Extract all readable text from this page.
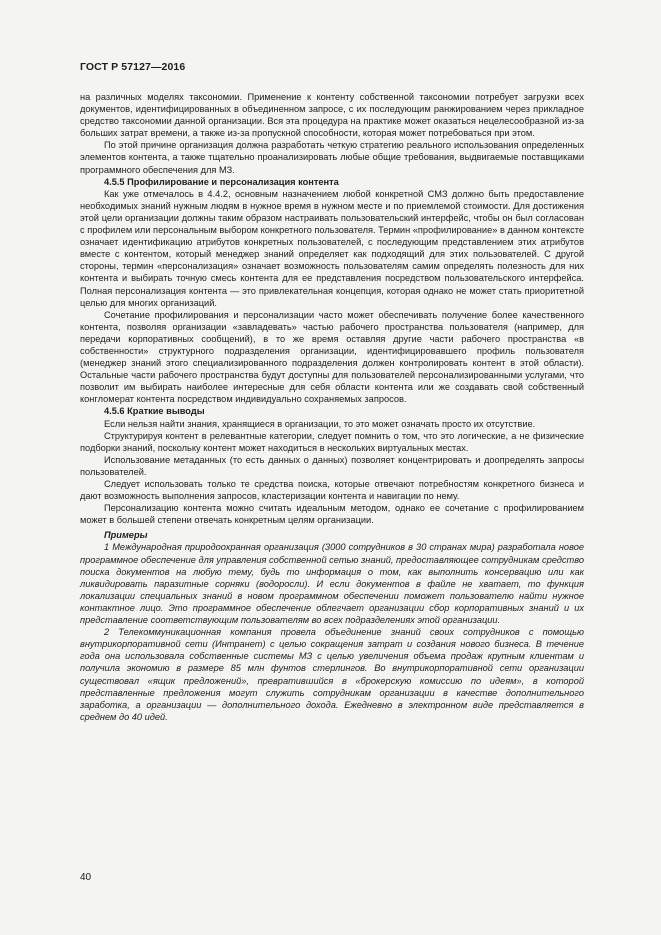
ГОСТ Р 57127—2016

на различных моделях таксономии. Применение к контенту собственной таксономии потребует загрузки всех документов, идентифицированных в объединенном запросе, с их последующим ранжированием через прикладное средство таксономии данной организации. Вся эта процедура на практике может оказаться нецелесообразной из-за больших затрат времени, а также из-за пропускной способности, которая может потребоваться при этом.

По этой причине организация должна разработать четкую стратегию реального использования определенных элементов контента, а также тщательно проанализировать любые общие требования, выдвигаемые поставщиками программного обеспечения для МЗ.

4.5.5 Профилирование и персонализация контента

Как уже отмечалось в 4.4.2, основным назначением любой конкретной СМЗ должно быть предоставление необходимых знаний нужным людям в нужное время в нужном месте и по приемлемой стоимости. Для достижения этой цели организации должны таким образом настраивать пользовательский интерфейс, чтобы он был согласован с профилем или персональным выбором конкретного пользователя. Термин «профилирование» в данном контексте означает идентификацию атрибутов конкретных пользователей, с последующим представлением этих атрибутов вместе с контентом, который менеджер знаний определяет как подходящий для этих пользователей. С другой стороны, термин «персонализация» означает возможность пользователям самим определять полезность для них контента и выбирать точную смесь контента для ее представления посредством пользовательского интерфейса. Полная персонализация контента — это привлекательная концепция, которая однако не может стать приоритетной целью для многих организаций.

Сочетание профилирования и персонализации часто может обеспечивать получение более качественного контента, позволяя организации «завладевать» частью рабочего пространства пользователя (например, для передачи корпоративных сообщений), в то же время оставляя другие части рабочего пространства «в собственности» структурного подразделения организации, идентифицировавшего профиль пользователя (менеджер знаний этого специализированного подразделения должен контролировать контент в этой области). Остальные части рабочего пространства будут доступны для пользователей персонализированными услугами, что позволит им выбирать наиболее интересные для себя области контента или же создавать свой собственный конгломерат контента посредством индивидуально сохраняемых запросов.

4.5.6 Краткие выводы

Если нельзя найти знания, хранящиеся в организации, то это может означать просто их отсутствие.

Структурируя контент в релевантные категории, следует помнить о том, что это логические, а не физические подборки знаний, поскольку контент может находиться в нескольких виртуальных местах.

Использование метаданных (то есть данных о данных) позволяет концентрировать и доопределять запросы пользователей.

Следует использовать только те средства поиска, которые отвечают потребностям конкретного бизнеса и дают возможность выполнения запросов, кластеризации контента и навигации по нему.

Персонализацию контента можно считать идеальным методом, однако ее сочетание с профилированием может в большей степени отвечать конкретным целям организации.

Примеры

1 Международная природоохранная организация (3000 сотрудников в 30 странах мира) разработала новое программное обеспечение для управления собственной сетью знаний, предоставляющее сотрудникам средство поиска документов на любую тему, будь то информация о том, как выполнить консервацию или как ликвидировать паразитные сорняки (водоросли). И если документов в файле не хватает, то функция локализации специальных знаний в новом программном обеспечении поможет пользователю найти нужное контактное лицо. Это программное обеспечение облегчает организации сбор корпоративных знаний и их представление соответствующим пользователям во всех подразделениях этой организации.

2 Телекоммуникационная компания провела объединение знаний своих сотрудников с помощью внутрикорпоративной сети (Интранет) с целью сокращения затрат и создания нового бизнеса. В течение года она использовала собственные системы МЗ с целью увеличения объема продаж крупным клиентам и получила экономию в размере 85 млн фунтов стерлингов. Во внутрикорпоративной сети организации существовал «ящик предложений», превратившийся в «брокерскую комиссию по идеям», в которой представленные предложения могут служить сотрудникам организации в качестве дополнительного заработка, а организации — дополнительного дохода. Ежедневно в электронном виде представляется в среднем до 40 идей.

40
